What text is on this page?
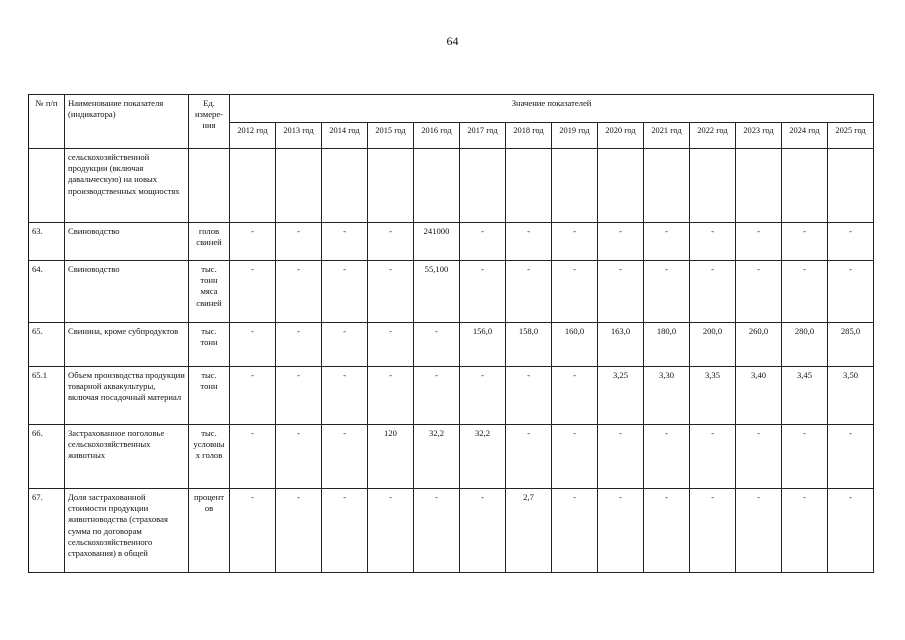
64
№ п/п	Наименование показателя (индикатора)	Ед. измере-ния	Значение показателей													
			2012 год	2013 год	2014 год	2015 год	2016 год	2017 год	2018 год	2019 год	2020 год	2021 год	2022 год	2023 год	2024 год	2025 год
	сельскохозяйственной продукции (включая давальческую) на новых производственных мощностях															
63.	Свиноводство	голов свиней	-	-	-	-	241000	-	-	-	-	-	-	-	-	-
64.	Свиноводство	тыс. тонн мяса свиней	-	-	-	-	55,100	-	-	-	-	-	-	-	-	-
65.	Свинина, кроме субпродуктов	тыс. тонн	-	-	-	-	-	156,0	158,0	160,0	163,0	180,0	200,0	260,0	280,0	285,0
65.1	Объем производства продукции товарной аквакультуры, включая посадочный материал	тыс. тонн	-	-	-	-	-	-	-	-	3,25	3,30	3,35	3,40	3,45	3,50
66.	Застрахованное поголовье сельскохозяйственных животных	тыс. условных голов	-	-	-	120	32,2	32,2	-	-	-	-	-	-	-	-
67.	Доля застрахованной стоимости продукции животноводства (страховая сумма по договорам сельскохозяйственного страхования) в общей	процентов	-	-	-	-	-	-	2,7	-	-	-	-	-	-	-
